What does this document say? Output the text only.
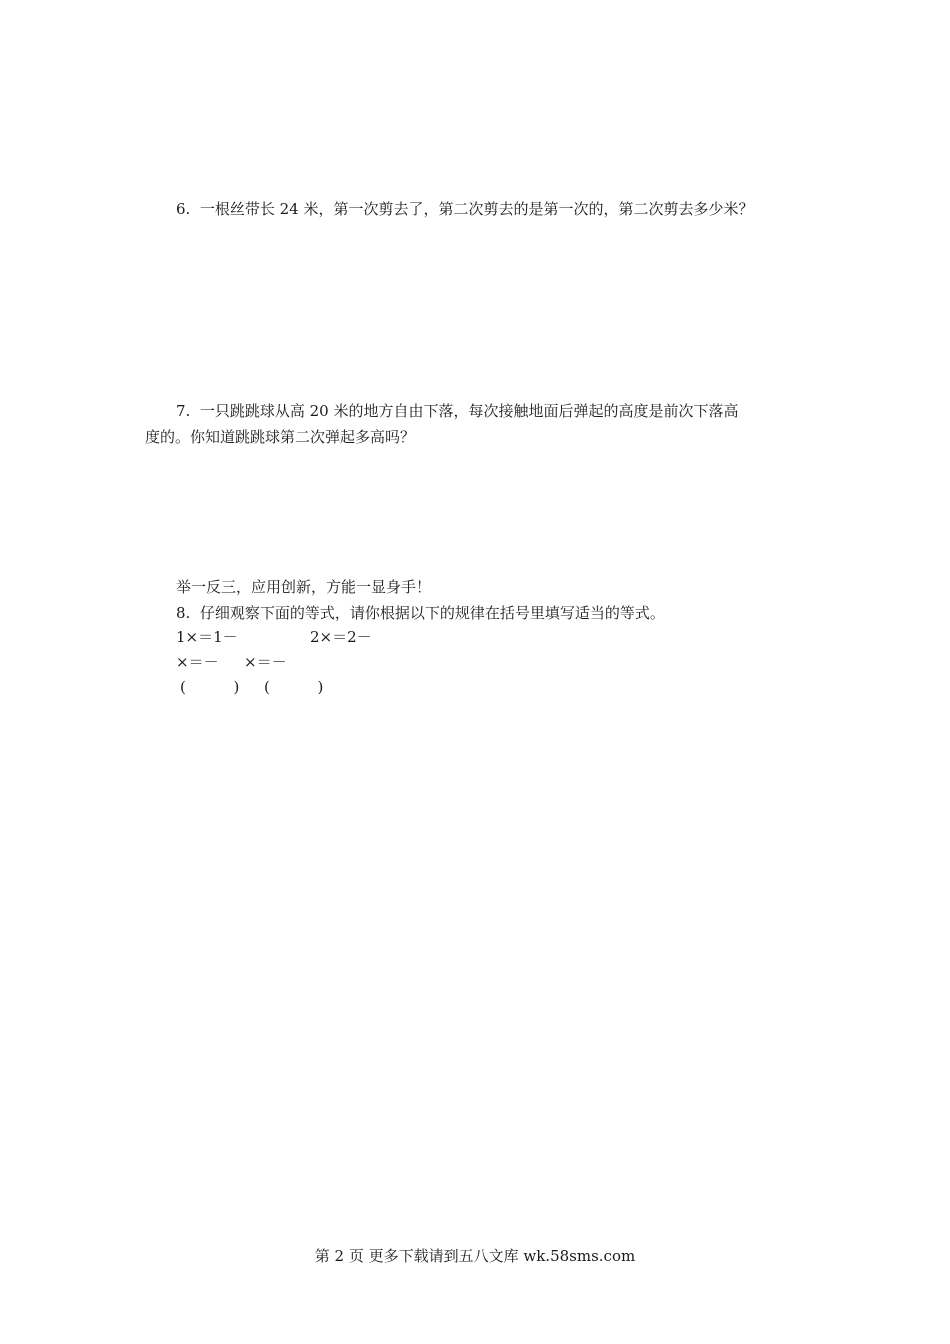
6.  一根丝带长 24 米，第一次剪去了，第二次剪去的是第一次的，第二次剪去多少米？
7.  一只跳跳球从高 20 米的地方自由下落，每次接触地面后弹起的高度是前次下落高
度的。你知道跳跳球第二次弹起多高吗？
举一反三，应用创新，方能一显身手！
8.  仔细观察下面的等式，请你根据以下的规律在括号里填写适当的等式。
1×＝1－	2×＝2－
×＝－ ×＝－
(          ) (          )
第 2 页 更多下载请到五八文库 wk.58sms.com
